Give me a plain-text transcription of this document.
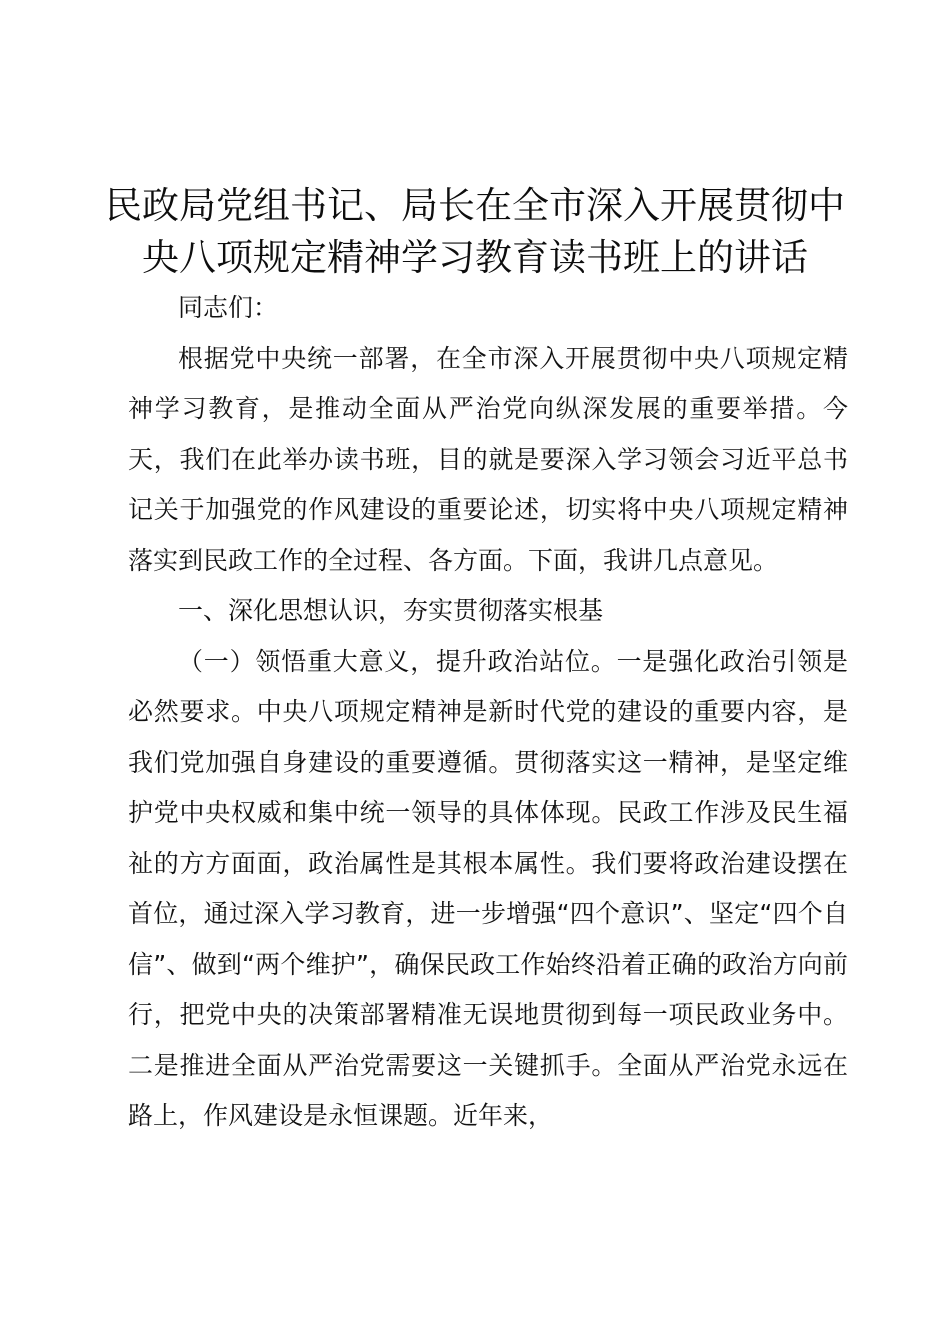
民政局党组书记、局长在全市深入开展贯彻中
央八项规定精神学习教育读书班上的讲话

同志们：

根据党中央统一部署，在全市深入开展贯彻中央八项规定精神学习教育，是推动全面从严治党向纵深发展的重要举措。今天，我们在此举办读书班，目的就是要深入学习领会习近平总书记关于加强党的作风建设的重要论述，切实将中央八项规定精神落实到民政工作的全过程、各方面。下面，我讲几点意见。

一、深化思想认识，夯实贯彻落实根基

（一）领悟重大意义，提升政治站位。一是强化政治引领是必然要求。中央八项规定精神是新时代党的建设的重要内容，是我们党加强自身建设的重要遵循。贯彻落实这一精神，是坚定维护党中央权威和集中统一领导的具体体现。民政工作涉及民生福祉的方方面面，政治属性是其根本属性。我们要将政治建设摆在首位，通过深入学习教育，进一步增强“四个意识”、坚定“四个自信”、做到“两个维护”，确保民政工作始终沿着正确的政治方向前行，把党中央的决策部署精准无误地贯彻到每一项民政业务中。二是推进全面从严治党需要这一关键抓手。全面从严治党永远在路上，作风建设是永恒课题。近年来，
